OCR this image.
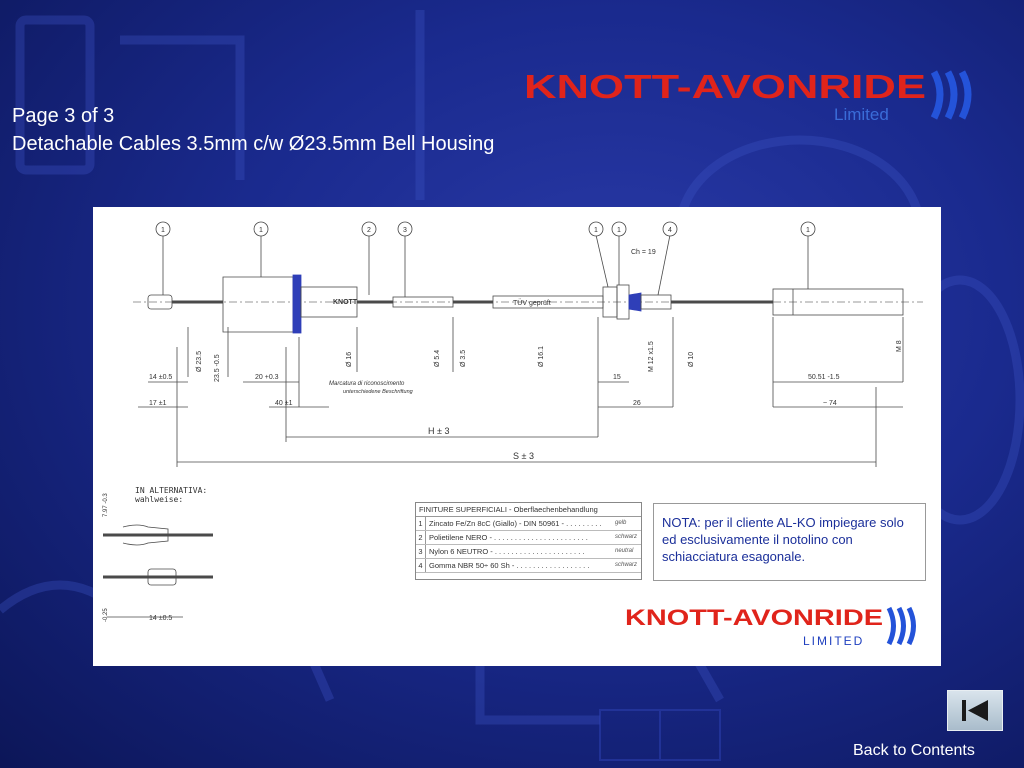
Page 3 of 3
Detachable Cables 3.5mm c/w Ø23.5mm Bell Housing
KNOTT-AVONRIDE
Limited
1	1	2	3	1	1	4	1
KNOTT	TÜV geprüft
Ch = 19
14 ±0.5
17 ±1
20 +0.3
40 ±1
H ± 3
S ± 3
15
26	~ 74
50.51 -1.5
Ø 16	Ø 5.4	Ø 3.5	Ø 16.1	M 12 x1.5	Ø 10
M 8
Ø 23.5 23.5 -0.5
Marcatura di riconoscimento
unterschiedene Beschriftung
14 ±0.5
7.97 -0.3
-0.25
IN ALTERNATIVA:
wahlweise:
FINITURE SUPERFICIALI - Oberflaechenbehandlung
1 Zincato Fe/Zn 8cC (Giallo) - DIN 50961 - . . . . . . . . .	gelb
2 Polietilene NERO - . . . . . . . . . . . . . . . . . . . . . . .	schwarz
3 Nylon 6 NEUTRO - . . . . . . . . . . . . . . . . . . . . . .	neutral
4 Gomma NBR 50÷ 60 Sh - . . . . . . . . . . . . . . . . . .	schwarz
NOTA: per il cliente AL-KO impiegare solo ed esclusivamente il notolino con schiacciatura esagonale.
KNOTT-AVONRIDE
LIMITED
Back to Contents
